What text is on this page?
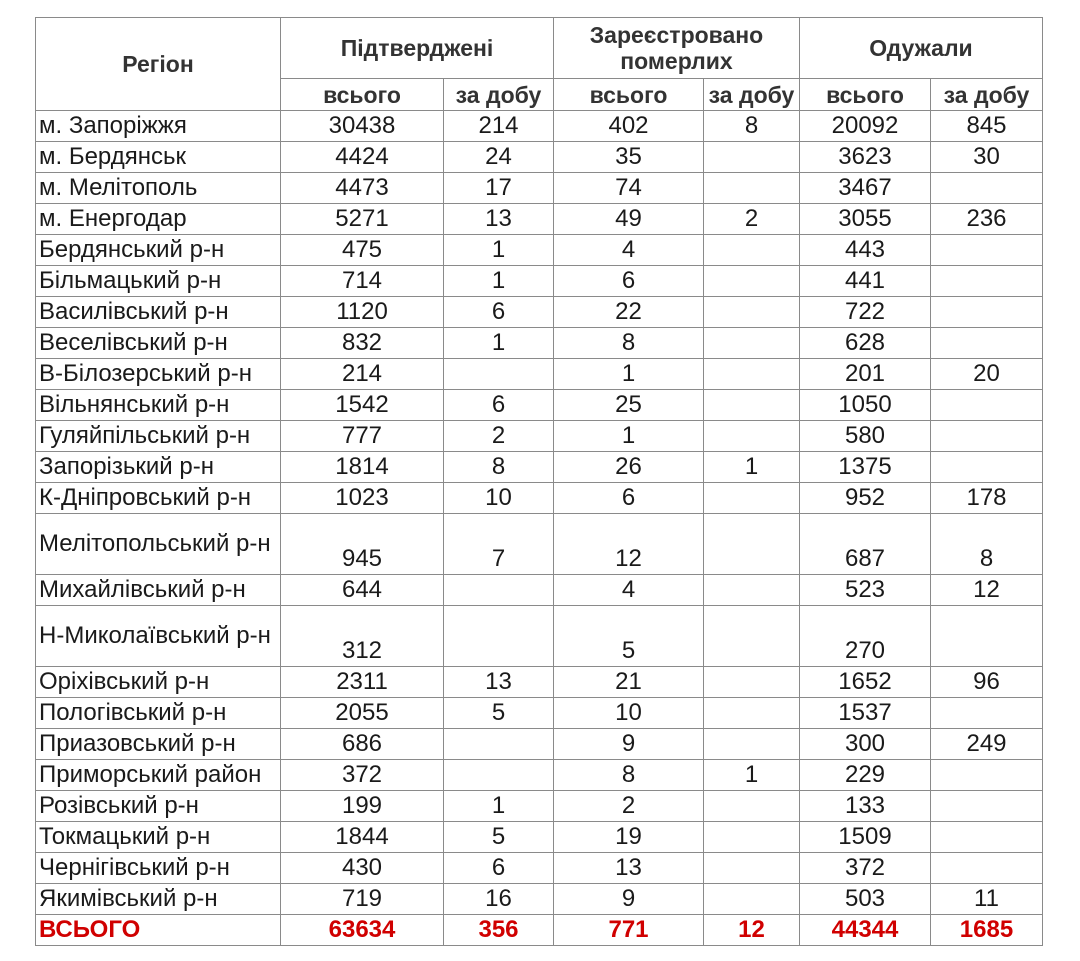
Регіон	Підтверджені		Зареєстровано померлих		Одужали	
	всього	за добу	всього	за добу	всього	за добу
м. Запоріжжя	30438	214	402	8	20092	845
м. Бердянськ	4424	24	35		3623	30
м. Мелітополь	4473	17	74		3467	
м. Енергодар	5271	13	49	2	3055	236
Бердянський р-н	475	1	4		443	
Більмацький р-н	714	1	6		441	
Василівський р-н	1120	6	22		722	
Веселівський р-н	832	1	8		628	
В-Білозерський р-н	214		1		201	20
Вільнянський р-н	1542	6	25		1050	
Гуляйпільський р-н	777	2	1		580	
Запорізький р-н	1814	8	26	1	1375	
К-Дніпровський р-н	1023	10	6		952	178
Мелітопольський р-н	945	7	12		687	8
Михайлівський р-н	644		4		523	12
Н-Миколаївський р-н	312		5		270	
Оріхівський р-н	2311	13	21		1652	96
Пологівський р-н	2055	5	10		1537	
Приазовський р-н	686		9		300	249
Приморський район	372		8	1	229	
Розівський р-н	199	1	2		133	
Токмацький р-н	1844	5	19		1509	
Чернігівський р-н	430	6	13		372	
Якимівський р-н	719	16	9		503	11
ВСЬОГО	63634	356	771	12	44344	1685
